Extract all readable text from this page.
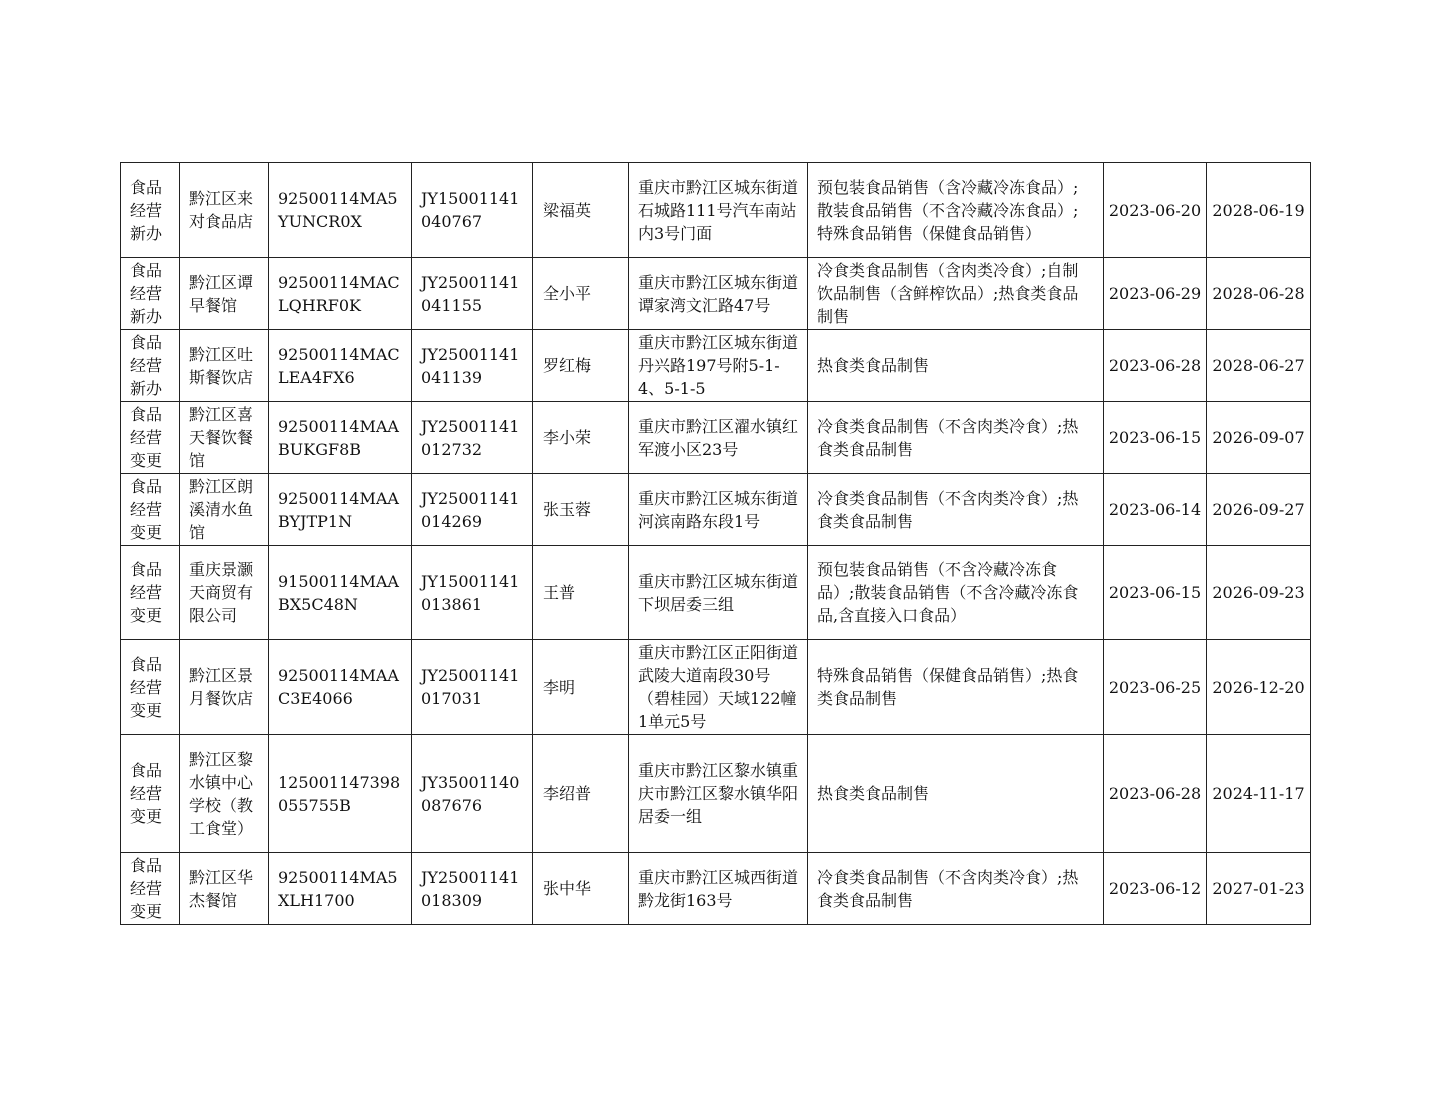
食品经营新办	黔江区来对食品店	92500114MA5YUNCR0X	JY15001141040767	梁福英	重庆市黔江区城东街道石城路111号汽车南站内3号门面	预包装食品销售（含冷藏冷冻食品）;散装食品销售（不含冷藏冷冻食品）;特殊食品销售（保健食品销售）	2023-06-20	2028-06-19
食品经营新办	黔江区谭早餐馆	92500114MACLQHRF0K	JY25001141041155	全小平	重庆市黔江区城东街道谭家湾文汇路47号	冷食类食品制售（含肉类冷食）;自制饮品制售（含鲜榨饮品）;热食类食品制售	2023-06-29	2028-06-28
食品经营新办	黔江区吐斯餐饮店	92500114MACLEA4FX6	JY25001141041139	罗红梅	重庆市黔江区城东街道丹兴路197号附5-1-4、5-1-5	热食类食品制售	2023-06-28	2028-06-27
食品经营变更	黔江区喜天餐饮餐馆	92500114MAABUKGF8B	JY25001141012732	李小荣	重庆市黔江区濯水镇红军渡小区23号	冷食类食品制售（不含肉类冷食）;热食类食品制售	2023-06-15	2026-09-07
食品经营变更	黔江区朗溪清水鱼馆	92500114MAABYJTP1N	JY25001141014269	张玉蓉	重庆市黔江区城东街道河滨南路东段1号	冷食类食品制售（不含肉类冷食）;热食类食品制售	2023-06-14	2026-09-27
食品经营变更	重庆景灏天商贸有限公司	91500114MAABX5C48N	JY15001141013861	王普	重庆市黔江区城东街道下坝居委三组	预包装食品销售（不含冷藏冷冻食品）;散装食品销售（不含冷藏冷冻食品,含直接入口食品）	2023-06-15	2026-09-23
食品经营变更	黔江区景月餐饮店	92500114MAAC3E4066	JY25001141017031	李明	重庆市黔江区正阳街道武陵大道南段30号（碧桂园）天域122幢1单元5号	特殊食品销售（保健食品销售）;热食类食品制售	2023-06-25	2026-12-20
食品经营变更	黔江区黎水镇中心学校（教工食堂）	125001147398055755B	JY35001140087676	李绍普	重庆市黔江区黎水镇重庆市黔江区黎水镇华阳居委一组	热食类食品制售	2023-06-28	2024-11-17
食品经营变更	黔江区华杰餐馆	92500114MA5XLH1700	JY25001141018309	张中华	重庆市黔江区城西街道黔龙街163号	冷食类食品制售（不含肉类冷食）;热食类食品制售	2023-06-12	2027-01-23
